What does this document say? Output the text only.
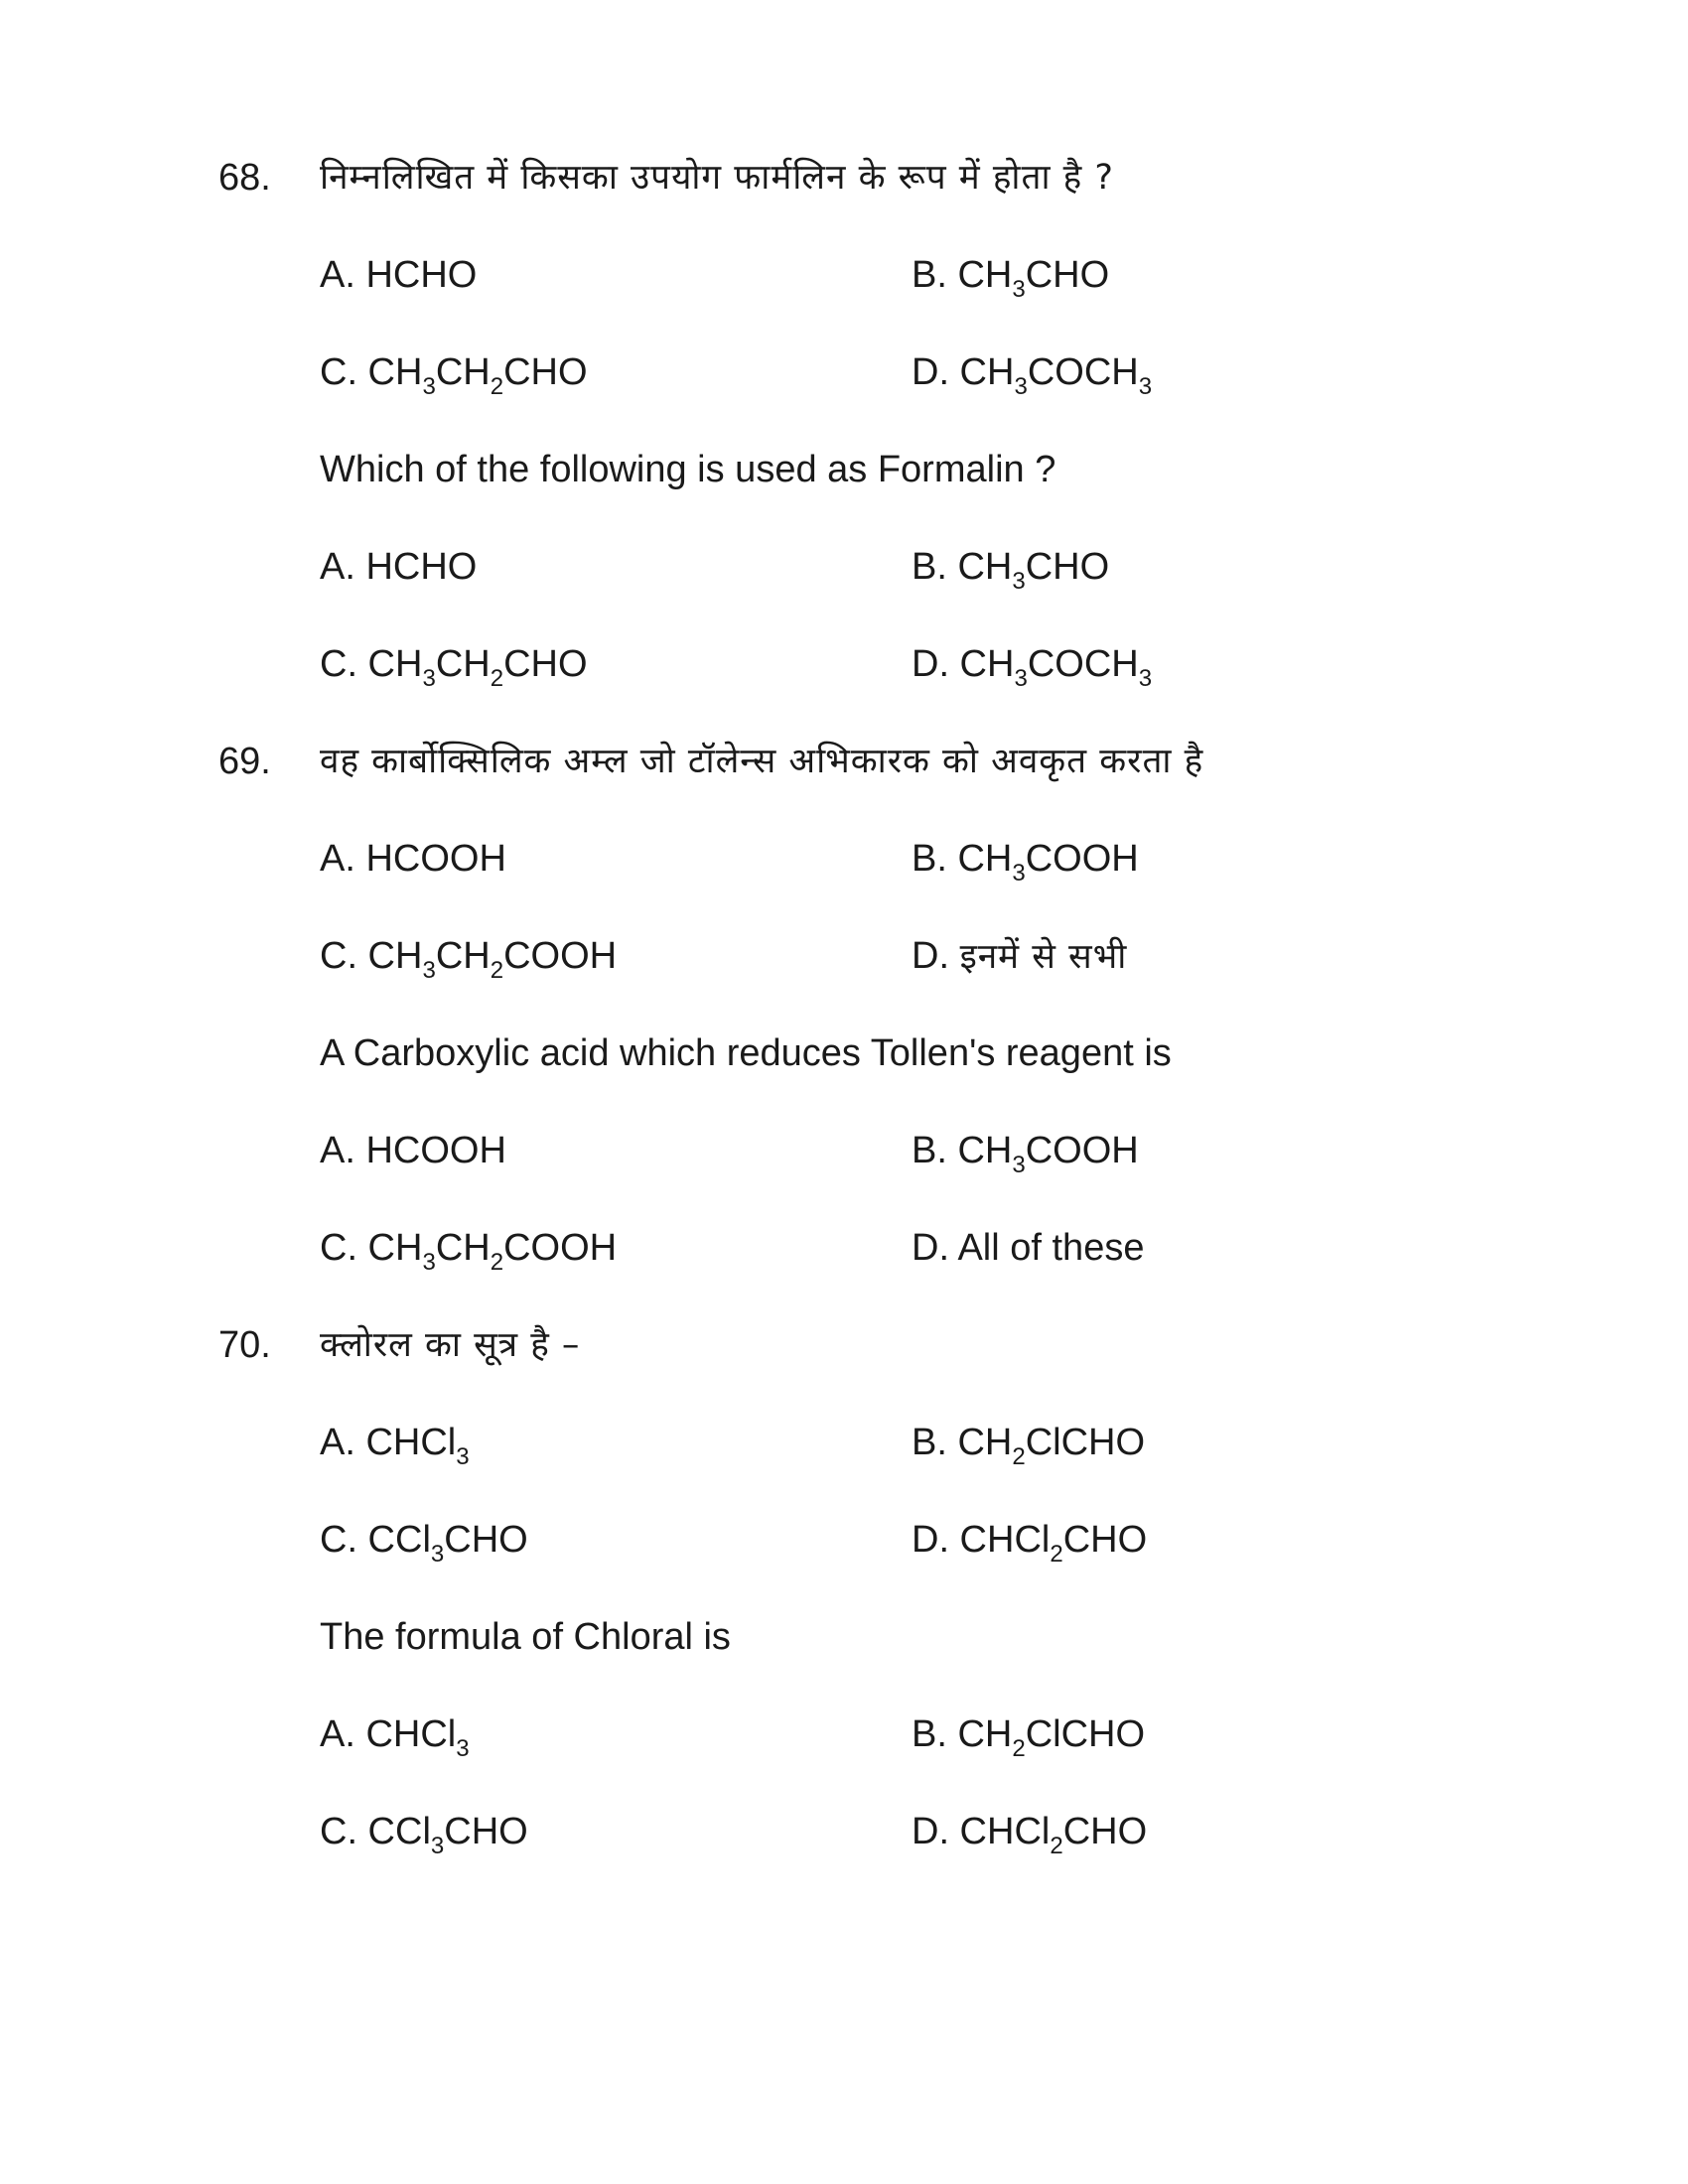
68. निम्नलिखित में किसका उपयोग फार्मलिन के रूप में होता है ?
A. HCHO	B. $CH_3CHO$
C. $CH_3CH_2CHO$	D. $CH_3COCH_3$
Which of the following is used as Formalin ?
A. HCHO	B. $CH_3CHO$
C. $CH_3CH_2CHO$	D. $CH_3COCH_3$
69. वह कार्बोक्सिलिक अम्ल जो टॉलेन्स अभिकारक को अवकृत करता है
A. HCOOH	B. $CH_3COOH$
C. $CH_3CH_2COOH$	D. इनमें से सभी
A Carboxylic acid which reduces Tollen's reagent is
A. HCOOH	B. $CH_3COOH$
C. $CH_3CH_2COOH$	D. All of these
70. क्लोरल का सूत्र है –
A. CHCl$_3$	B. $CH_2ClCHO$
C. CCl$_3$CHO	D. CHCl$_2$CHO
The formula of Chloral is
A. CHCl$_3$	B. $CH_2ClCHO$
C. CCl$_3$CHO	D. CHCl$_2$CHO
